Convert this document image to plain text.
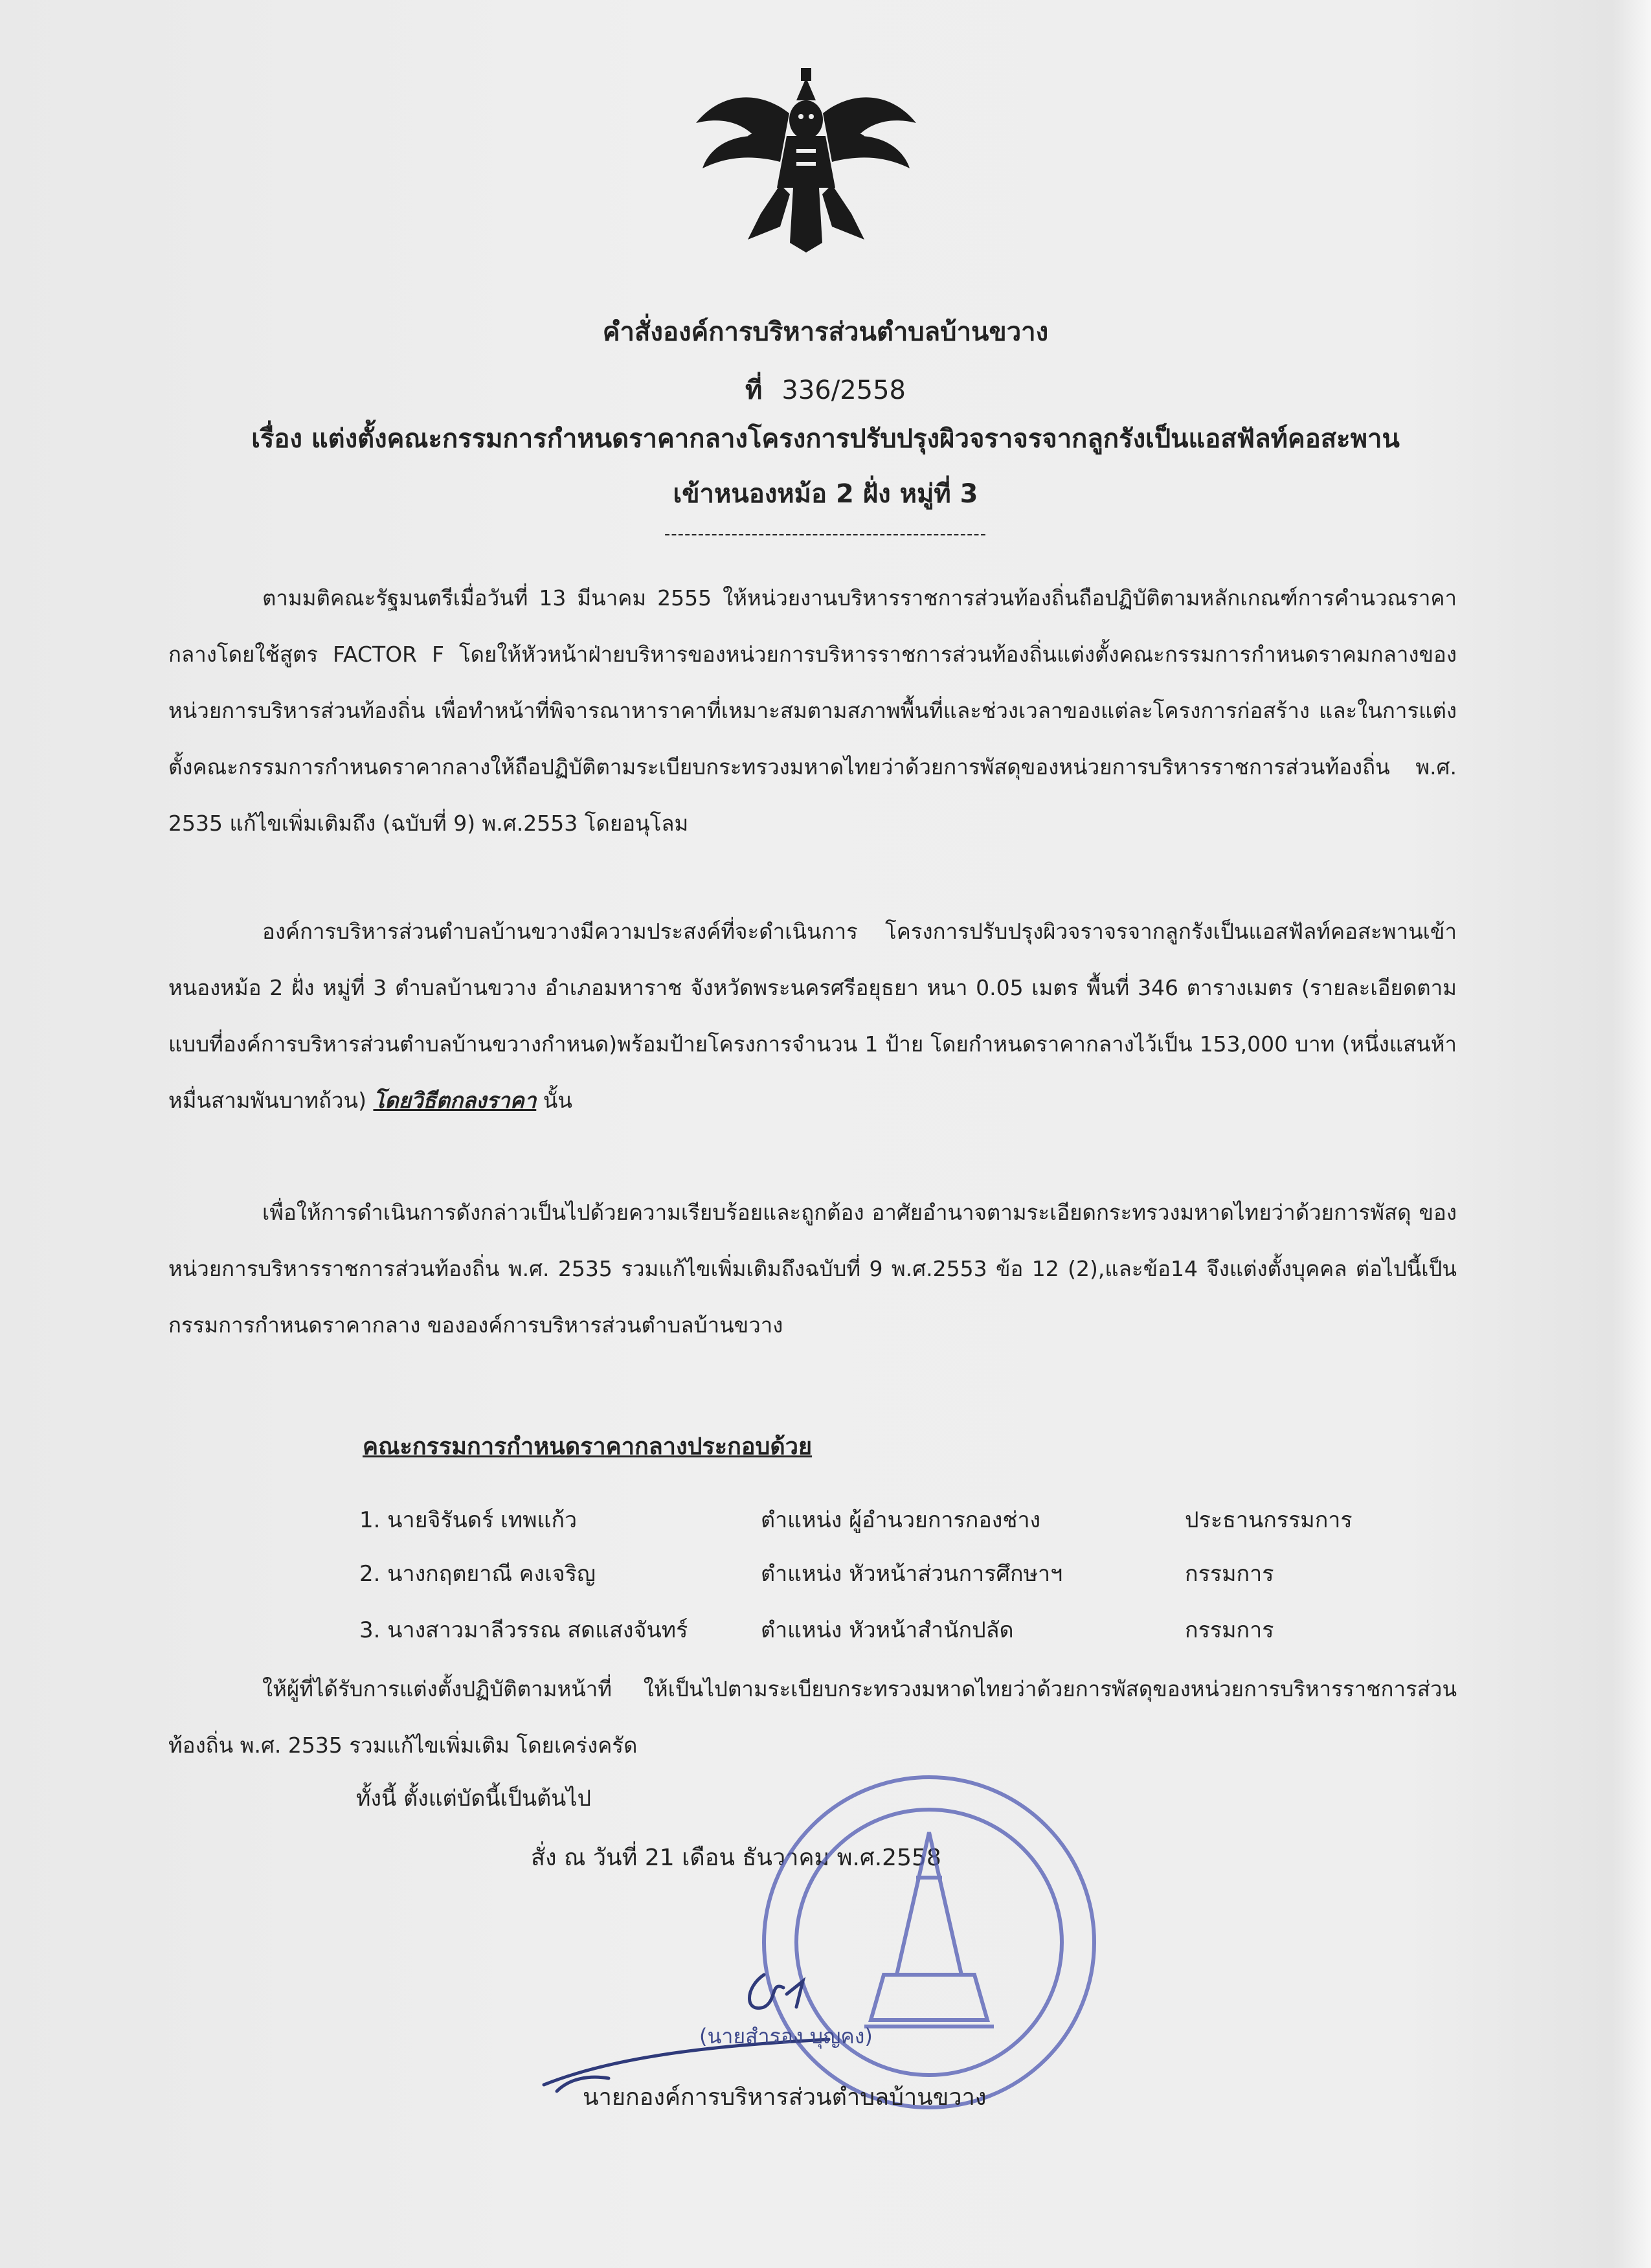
คำสั่งองค์การบริหารส่วนตำบลบ้านขวาง
ที่ 336/2558
เรื่อง แต่งตั้งคณะกรรมการกำหนดราคากลางโครงการปรับปรุงผิวจราจรจากลูกรังเป็นแอสฟัลท์คอสะพาน
เข้าหนองหม้อ 2 ฝั่ง หมู่ที่ 3
------------------------------------------------
ตามมติคณะรัฐมนตรีเมื่อวันที่ 13 มีนาคม 2555 ให้หน่วยงานบริหารราชการส่วนท้องถิ่นถือปฏิบัติตามหลักเกณฑ์การคำนวณราคากลางโดยใช้สูตร FACTOR F โดยให้หัวหน้าฝ่ายบริหารของหน่วยการบริหารราชการส่วนท้องถิ่นแต่งตั้งคณะกรรมการกำหนดราคมกลางของหน่วยการบริหารส่วนท้องถิ่น เพื่อทำหน้าที่พิจารณาหาราคาที่เหมาะสมตามสภาพพื้นที่และช่วงเวลาของแต่ละโครงการก่อสร้าง และในการแต่งตั้งคณะกรรมการกำหนดราคากลางให้ถือปฏิบัติตามระเบียบกระทรวงมหาดไทยว่าด้วยการพัสดุของหน่วยการบริหารราชการส่วนท้องถิ่น พ.ศ. 2535 แก้ไขเพิ่มเติมถึง (ฉบับที่ 9) พ.ศ.2553 โดยอนุโลม
องค์การบริหารส่วนตำบลบ้านขวางมีความประสงค์ที่จะดำเนินการ โครงการปรับปรุงผิวจราจรจากลูกรังเป็นแอสฟัลท์คอสะพานเข้าหนองหม้อ 2 ฝั่ง หมู่ที่ 3 ตำบลบ้านขวาง อำเภอมหาราช จังหวัดพระนครศรีอยุธยา หนา 0.05 เมตร พื้นที่ 346 ตารางเมตร (รายละเอียดตามแบบที่องค์การบริหารส่วนตำบลบ้านขวางกำหนด)พร้อมป้ายโครงการจำนวน 1 ป้าย โดยกำหนดราคากลางไว้เป็น 153,000 บาท (หนึ่งแสนห้าหมื่นสามพันบาทถ้วน) โดยวิธีตกลงราคา นั้น
เพื่อให้การดำเนินการดังกล่าวเป็นไปด้วยความเรียบร้อยและถูกต้อง อาศัยอำนาจตามระเอียดกระทรวงมหาดไทยว่าด้วยการพัสดุ ของหน่วยการบริหารราชการส่วนท้องถิ่น พ.ศ. 2535 รวมแก้ไขเพิ่มเติมถึงฉบับที่ 9 พ.ศ.2553 ข้อ 12 (2),และข้อ14 จึงแต่งตั้งบุคคล ต่อไปนี้เป็นกรรมการกำหนดราคากลาง ขององค์การบริหารส่วนตำบลบ้านขวาง
คณะกรรมการกำหนดราคากลางประกอบด้วย
1. นายจิรันดร์ เทพแก้ว	ตำแหน่ง ผู้อำนวยการกองช่าง	ประธานกรรมการ
2. นางกฤตยาณี คงเจริญ	ตำแหน่ง หัวหน้าส่วนการศึกษาฯ	กรรมการ
3. นางสาวมาลีวรรณ สดแสงจันทร์	ตำแหน่ง หัวหน้าสำนักปลัด	กรรมการ
ให้ผู้ที่ได้รับการแต่งตั้งปฏิบัติตามหน้าที่ ให้เป็นไปตามระเบียบกระทรวงมหาดไทยว่าด้วยการพัสดุของหน่วยการบริหารราชการส่วนท้องถิ่น พ.ศ. 2535 รวมแก้ไขเพิ่มเติม โดยเคร่งครัด
ทั้งนี้ ตั้งแต่บัดนี้เป็นต้นไป
สั่ง ณ วันที่ 21 เดือน ธันวาคม พ.ศ.2558
(นายสำรอง บุญคง)
นายกองค์การบริหารส่วนตำบลบ้านขวาง
